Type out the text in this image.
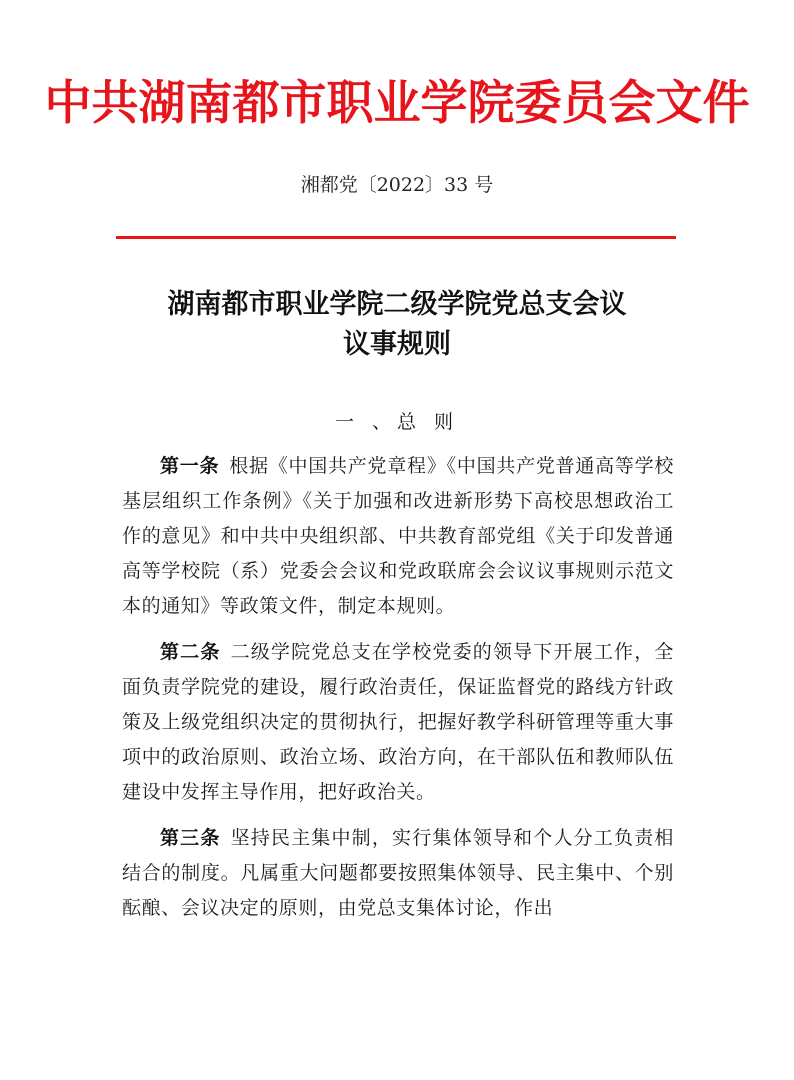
中共湖南都市职业学院委员会文件
湘都党〔2022〕33 号
湖南都市职业学院二级学院党总支会议
议事规则
一 、总 则

第一条 根据《中国共产党章程》《中国共产党普通高等学校基层组织工作条例》《关于加强和改进新形势下高校思想政治工作的意见》和中共中央组织部、中共教育部党组《关于印发普通高等学校院（系）党委会会议和党政联席会会议议事规则示范文本的通知》等政策文件，制定本规则。

第二条 二级学院党总支在学校党委的领导下开展工作，全面负责学院党的建设，履行政治责任，保证监督党的路线方针政策及上级党组织决定的贯彻执行，把握好教学科研管理等重大事项中的政治原则、政治立场、政治方向，在干部队伍和教师队伍建设中发挥主导作用，把好政治关。

第三条 坚持民主集中制，实行集体领导和个人分工负责相结合的制度。凡属重大问题都要按照集体领导、民主集中、个别酝酿、会议决定的原则，由党总支集体讨论，作出
